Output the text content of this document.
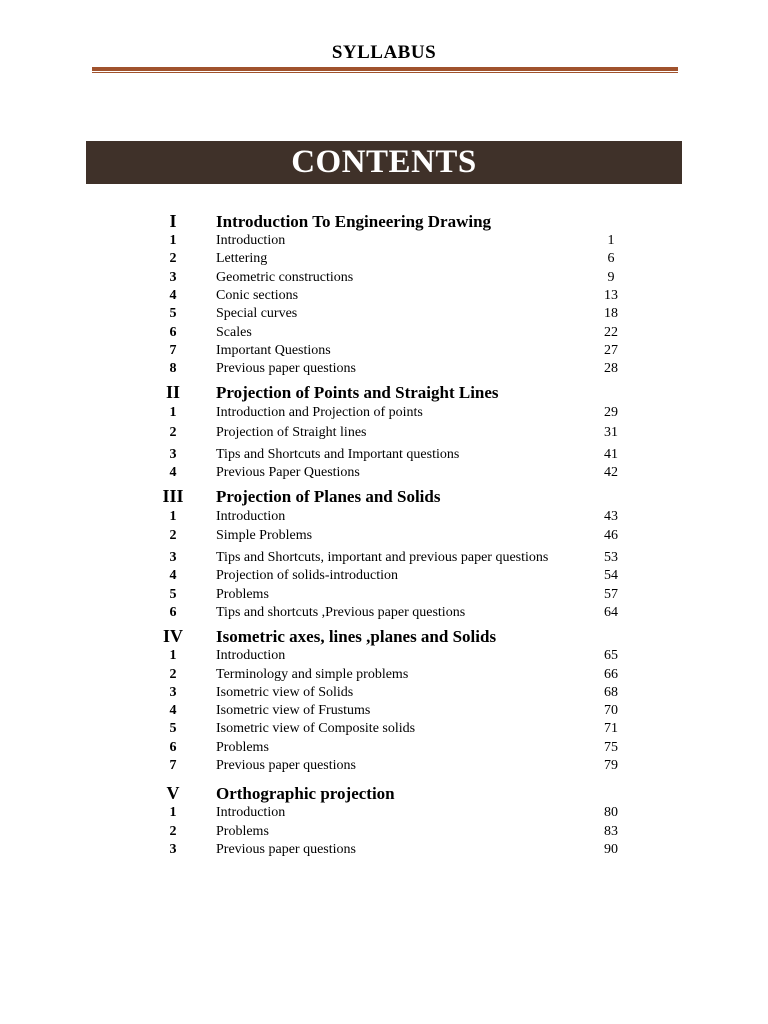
SYLLABUS
CONTENTS
I	Introduction To Engineering Drawing
1	Introduction	1
2	Lettering	6
3	Geometric constructions	9
4	Conic sections	13
5	Special curves	18
6	Scales	22
7	Important Questions	27
8	Previous paper questions	28
II	Projection of Points and Straight Lines
1	Introduction and Projection of points	29
2	Projection of Straight lines	31
3	Tips and Shortcuts and Important questions	41
4	Previous Paper Questions	42
III	Projection of Planes and Solids
1	Introduction	43
2	Simple Problems	46
3	Tips and Shortcuts, important and previous paper questions	53
4	Projection of solids-introduction	54
5	Problems	57
6	Tips and shortcuts ,Previous paper questions	64
IV	Isometric axes, lines ,planes and Solids
1	Introduction	65
2	Terminology and simple problems	66
3	Isometric view of Solids	68
4	Isometric view of Frustums	70
5	Isometric view of Composite solids	71
6	Problems	75
7	Previous paper questions	79
V	Orthographic projection
1	Introduction	80
2	Problems	83
3	Previous paper questions	90
